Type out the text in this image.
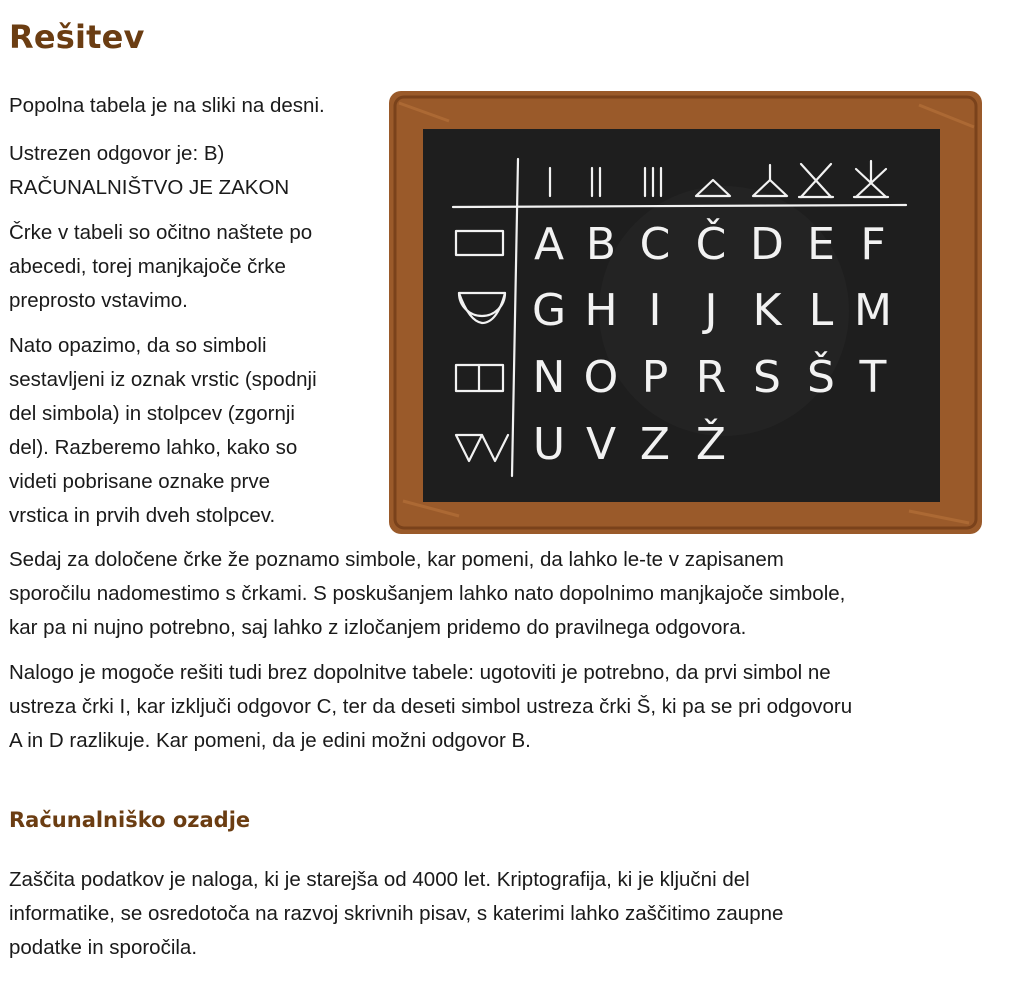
Rešitev

Popolna tabela je na sliki na desni.

Ustrezen odgovor je: B)
RAČUNALNIŠTVO JE ZAKON

Črke v tabeli so očitno naštete po
abecedi, torej manjkajoče črke
preprosto vstavimo.

Nato opazimo, da so simboli
sestavljeni iz oznak vrstic (spodnji
del simbola) in stolpcev (zgornji
del). Razberemo lahko, kako so
videti pobrisane oznake prve
vrstica in prvih dveh stolpcev.

Sedaj za določene črke že poznamo simbole, kar pomeni, da lahko le-te v zapisanem
sporočilu nadomestimo s črkami. S poskušanjem lahko nato dopolnimo manjkajoče simbole,
kar pa ni nujno potrebno, saj lahko z izločanjem pridemo do pravilnega odgovora.

Nalogo je mogoče rešiti tudi brez dopolnitve tabele: ugotoviti je potrebno, da prvi simbol ne
ustreza črki I, kar izključi odgovor C, ter da deseti simbol ustreza črki Š, ki pa se pri odgovoru
A in D razlikuje. Kar pomeni, da je edini možni odgovor B.

Računalniško ozadje

Zaščita podatkov je naloga, ki je starejša od 4000 let. Kriptografija, ki je ključni del
informatike, se osredotoča na razvoj skrivnih pisav, s katerimi lahko zaščitimo zaupne
podatke in sporočila.

A B C Č D E F
G H I J K L M
N O P R S Š T
U V Z Ž
